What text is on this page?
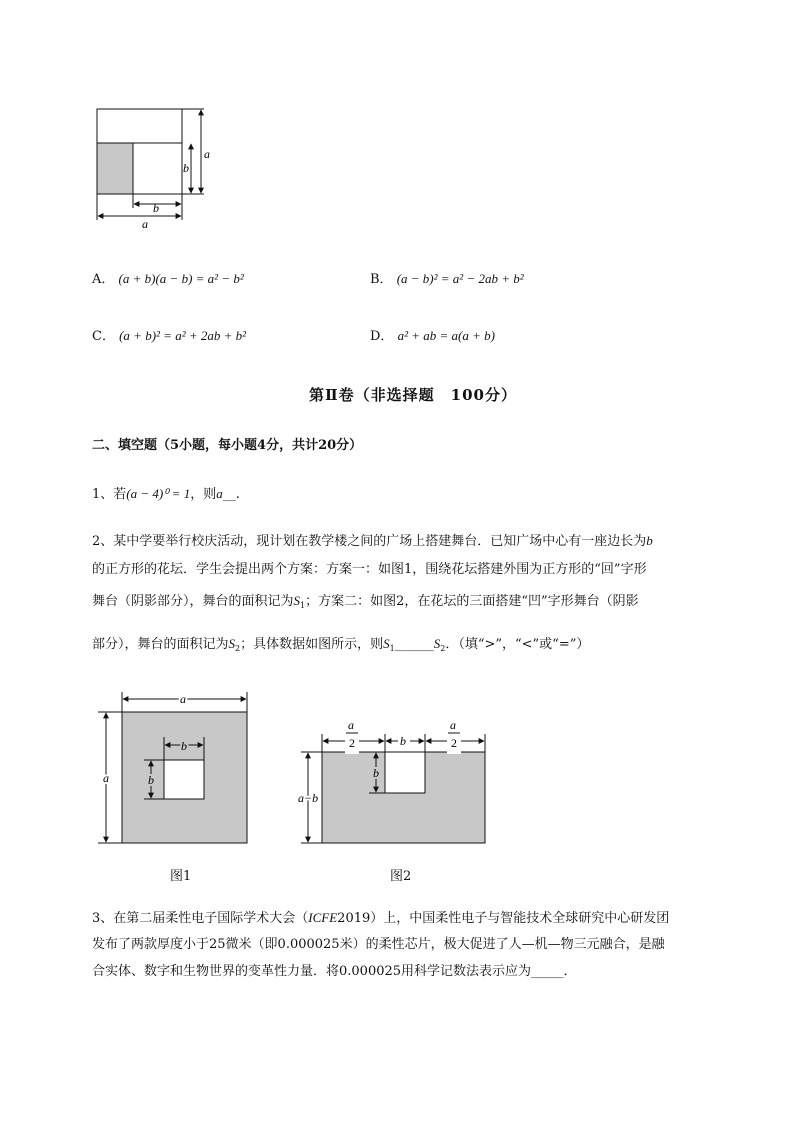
a
b
b
a
A． (a + b)(a − b) = a² − b²	B． (a − b)² = a² − 2ab + b²
C． (a + b)² = a² + 2ab + b²	D． a² + ab = a(a + b)
第Ⅱ卷（非选择题　100分）
二、填空题（5小题，每小题4分，共计20分）
1、若(a − 4)⁰ = 1，则a__.
2、某中学要举行校庆活动，现计划在教学楼之间的广场上搭建舞台．已知广场中心有一座边长为b
的正方形的花坛．学生会提出两个方案：方案一：如图1，围绕花坛搭建外围为正方形的“回”字形
舞台（阴影部分），舞台的面积记为$S_1$；方案二：如图2，在花坛的三面搭建“凹”字形舞台（阴影
部分），舞台的面积记为$S_2$；具体数据如图所示，则$S_1\_\_\_\_\_\_S_2$．（填“>”，“<”或“=”）
a
a
b
b
图1
a
2	b
a
2
b
a−b
图2
3、在第二届柔性电子国际学术大会（ICFE2019）上，中国柔性电子与智能技术全球研究中心研发团
发布了两款厚度小于25微米（即0.000025米）的柔性芯片，极大促进了人—机—物三元融合，是融
合实体、数字和生物世界的变革性力量．将0.000025用科学记数法表示应为_____．
